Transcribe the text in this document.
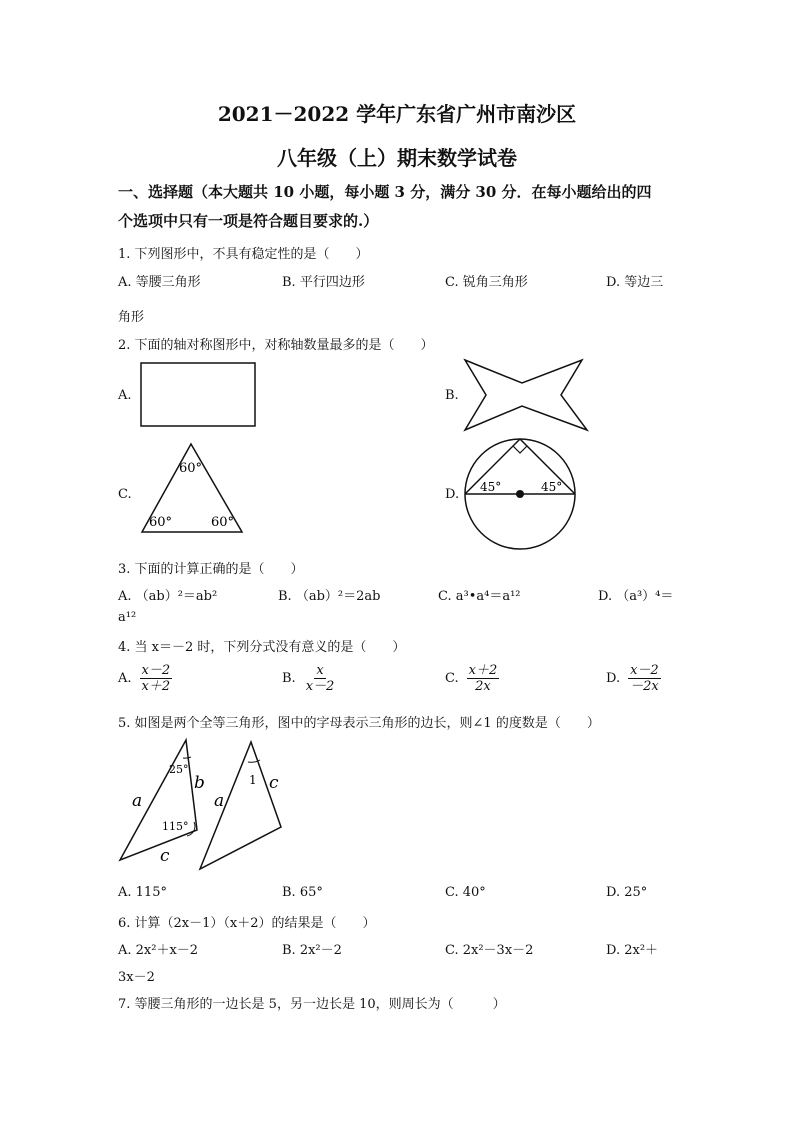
2021－2022 学年广东省广州市南沙区
八年级（上）期末数学试卷
一、选择题（本大题共 10 小题，每小题 3 分，满分 30 分．在每小题给出的四
个选项中只有一项是符合题目要求的.）
1. 下列图形中，不具有稳定性的是（　　）
A. 等腰三角形	B. 平行四边形	C. 锐角三角形	D. 等边三
角形
2. 下面的轴对称图形中，对称轴数量最多的是（　　）
A.	B.
C.
60°
60°	60°
D. 45°	45°
3. 下面的计算正确的是（　　）
A. （ab）²＝ab²	B. （ab）²＝2ab	C. a³•a⁴＝a¹²	D. （a³）⁴＝
a¹²
4. 当 x＝－2 时，下列分式没有意义的是（　　）
A. $\frac{x-2}{x+2}$	B. $\frac{x}{x-2}$	C. $\frac{x+2}{2x}$	D. $\frac{x-2}{-2x}$
5. 如图是两个全等三角形，图中的字母表示三角形的边长，则∠1 的度数是（　　）
25°
115°
a
b
c
1
a
c
A. 115°	B. 65°	C. 40°	D. 25°
6. 计算（2x－1）（x＋2）的结果是（　　）
A. 2x²＋x－2	B. 2x²－2	C. 2x²－3x－2	D. 2x²＋
3x－2
7. 等腰三角形的一边长是 5，另一边长是 10，则周长为（　　　）
